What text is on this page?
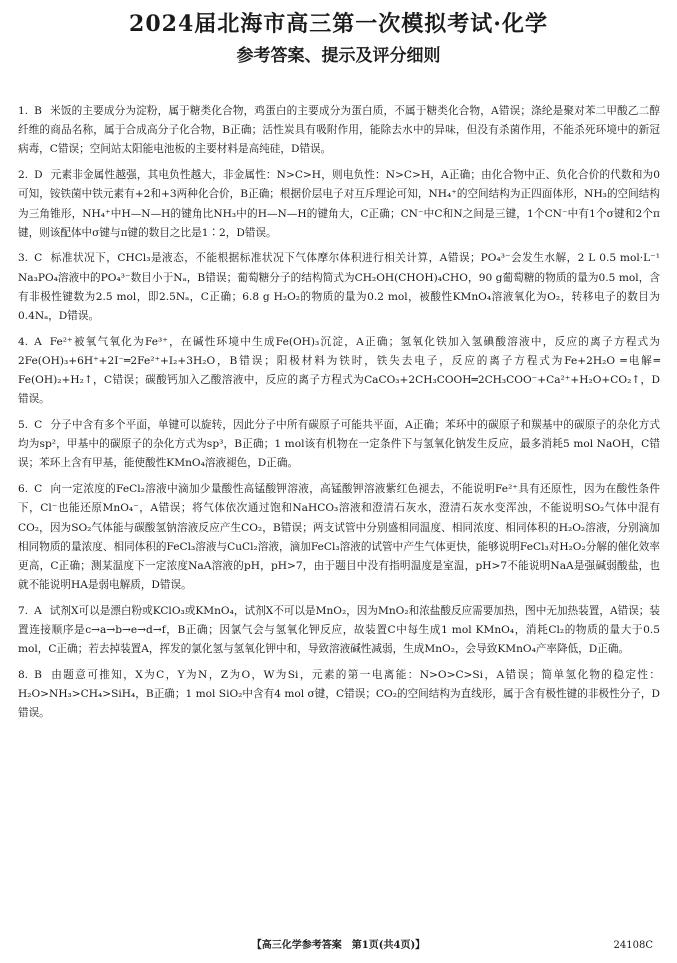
2024届北海市高三第一次模拟考试·化学
参考答案、提示及评分细则

1. B 米饭的主要成分为淀粉，属于糖类化合物，鸡蛋白的主要成分为蛋白质，不属于糖类化合物，A错误；涤纶是聚对苯二甲酸乙二醇纤维的商品名称，属于合成高分子化合物，B正确；活性炭具有吸附作用，能除去水中的异味，但没有杀菌作用，不能杀死环境中的新冠病毒，C错误；空间站太阳能电池板的主要材料是高纯硅，D错误。

2. D 元素非金属性越强，其电负性越大，非金属性：N>C>H，则电负性：N>C>H，A正确；由化合物中正、负化合价的代数和为0可知，铵铁菌中铁元素有+2和+3两种化合价，B正确；根据价层电子对互斥理论可知，NH₄⁺的空间结构为正四面体形，NH₃的空间结构为三角锥形，NH₄⁺中H—N—H的键角比NH₃中的H—N—H的键角大，C正确；CN⁻中C和N之间是三键，1个CN⁻中有1个σ键和2个π键，则该配体中σ键与π键的数目之比是1∶2，D错误。

3. C 标准状况下，CHCl₃是液态，不能根据标准状况下气体摩尔体积进行相关计算，A错误；PO₄³⁻会发生水解，2 L 0.5 mol·L⁻¹ Na₃PO₄溶液中的PO₄³⁻数目小于Nₐ，B错误；葡萄糖分子的结构简式为CH₂OH(CHOH)₄CHO，90 g葡萄糖的物质的量为0.5 mol，含有非极性键数为2.5 mol，即2.5Nₐ，C正确；6.8 g H₂O₂的物质的量为0.2 mol，被酸性KMnO₄溶液氧化为O₂，转移电子的数目为0.4Nₐ，D错误。

4. A Fe²⁺被氧气氧化为Fe³⁺，在碱性环境中生成Fe(OH)₃沉淀，A正确；氢氧化铁加入氢碘酸溶液中，反应的离子方程式为2Fe(OH)₃+6H⁺+2I⁻═2Fe²⁺+I₂+3H₂O，B错误；阳极材料为铁时，铁失去电子，反应的离子方程式为Fe+2H₂O ═电解═ Fe(OH)₂+H₂↑，C错误；碳酸钙加入乙酸溶液中，反应的离子方程式为CaCO₃+2CH₃COOH═2CH₃COO⁻+Ca²⁺+H₂O+CO₂↑，D错误。

5. C 分子中含有多个平面，单键可以旋转，因此分子中所有碳原子可能共平面，A正确；苯环中的碳原子和羰基中的碳原子的杂化方式均为sp²，甲基中的碳原子的杂化方式为sp³，B正确；1 mol该有机物在一定条件下与氢氧化钠发生反应，最多消耗5 mol NaOH，C错误；苯环上含有甲基，能使酸性KMnO₄溶液褪色，D正确。

6. C 向一定浓度的FeCl₂溶液中滴加少量酸性高锰酸钾溶液，高锰酸钾溶液紫红色褪去，不能说明Fe²⁺具有还原性，因为在酸性条件下，Cl⁻也能还原MnO₄⁻，A错误；将气体依次通过饱和NaHCO₃溶液和澄清石灰水，澄清石灰水变浑浊，不能说明SO₂气体中混有CO₂，因为SO₂气体能与碳酸氢钠溶液反应产生CO₂，B错误；两支试管中分别盛相同温度、相同浓度、相同体积的H₂O₂溶液，分别滴加相同物质的量浓度、相同体积的FeCl₃溶液与CuCl₂溶液，滴加FeCl₃溶液的试管中产生气体更快，能够说明FeCl₃对H₂O₂分解的催化效率更高，C正确；测某温度下一定浓度NaA溶液的pH，pH>7，由于题目中没有指明温度是室温，pH>7不能说明NaA是强碱弱酸盐，也就不能说明HA是弱电解质，D错误。

7. A 试剂X可以是漂白粉或KClO₃或KMnO₄，试剂X不可以是MnO₂，因为MnO₂和浓盐酸反应需要加热，图中无加热装置，A错误；装置连接顺序是c→a→b→e→d→f，B正确；因氯气会与氢氧化钾反应，故装置C中每生成1 mol KMnO₄，消耗Cl₂的物质的量大于0.5 mol，C正确；若去掉装置A，挥发的氯化氢与氢氧化钾中和，导致溶液碱性减弱，生成MnO₂，会导致KMnO₄产率降低，D正确。

8. B 由题意可推知，X为C，Y为N，Z为O，W为Si，元素的第一电离能：N>O>C>Si，A错误；简单氢化物的稳定性：H₂O>NH₃>CH₄>SiH₄，B正确；1 mol SiO₂中含有4 mol σ键，C错误；CO₂的空间结构为直线形，属于含有极性键的非极性分子，D错误。

【高三化学参考答案　第1页(共4页)】	24108C
